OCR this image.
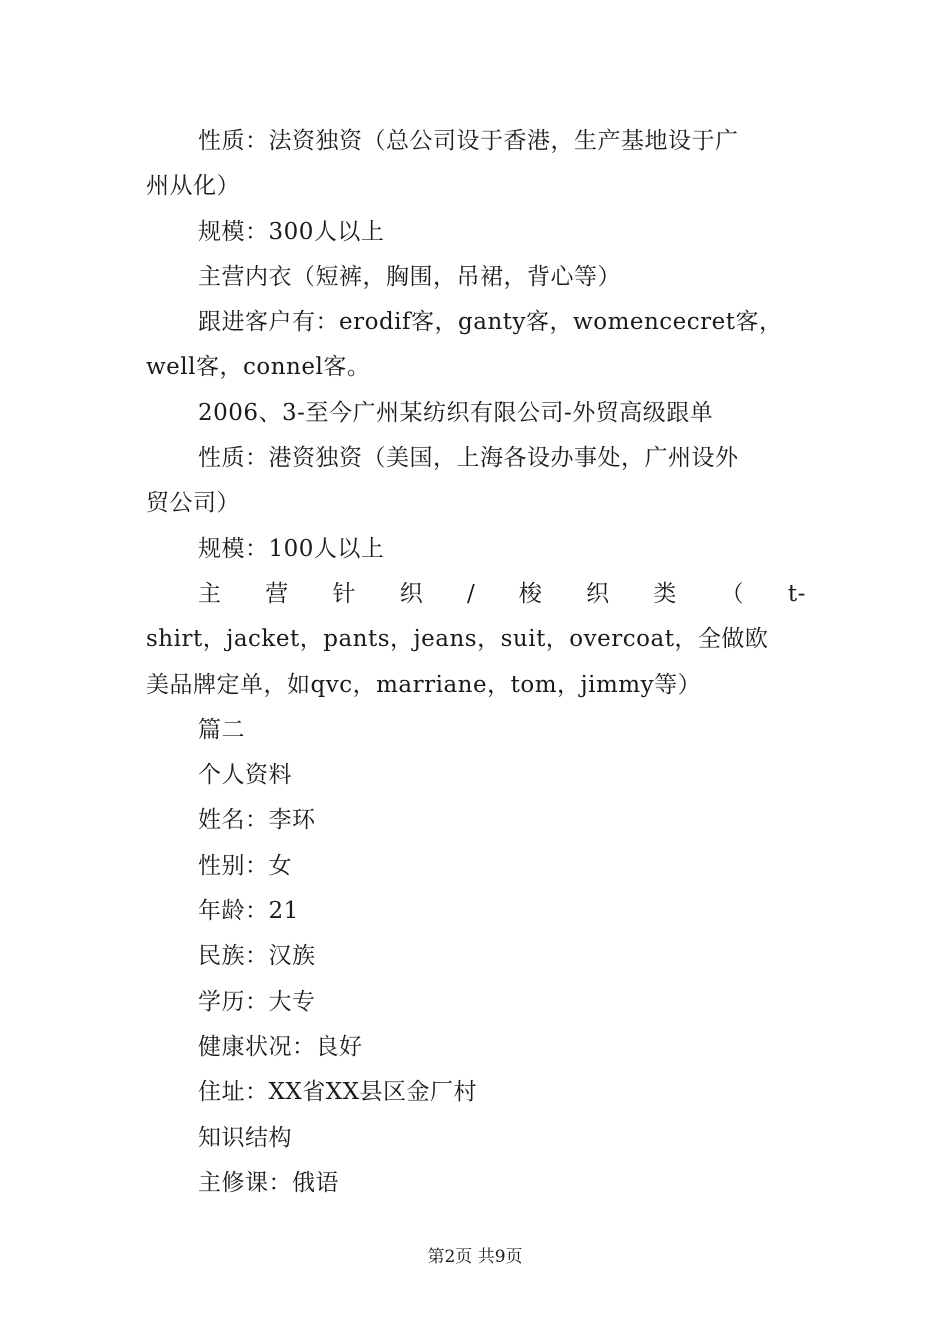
性质：法资独资（总公司设于香港，生产基地设于广
州从化）
规模：300人以上
主营内衣（短裤，胸围，吊裙，背心等）
跟进客户有：erodif客，ganty客，womencecret客，
well客，connel客。
2006、3-至今广州某纺织有限公司-外贸高级跟单
性质：港资独资（美国，上海各设办事处，广州设外
贸公司）
规模：100人以上
主 营 针 织 / 梭 织 类 （ t-
shirt，jacket，pants，jeans，suit，overcoat，全做欧
美品牌定单，如qvc，marriane，tom，jimmy等）
篇二
个人资料
姓名：李环
性别：女
年龄：21
民族：汉族
学历：大专
健康状况：良好
住址：XX省XX县区金厂村
知识结构
主修课：俄语
第2页 共9页
